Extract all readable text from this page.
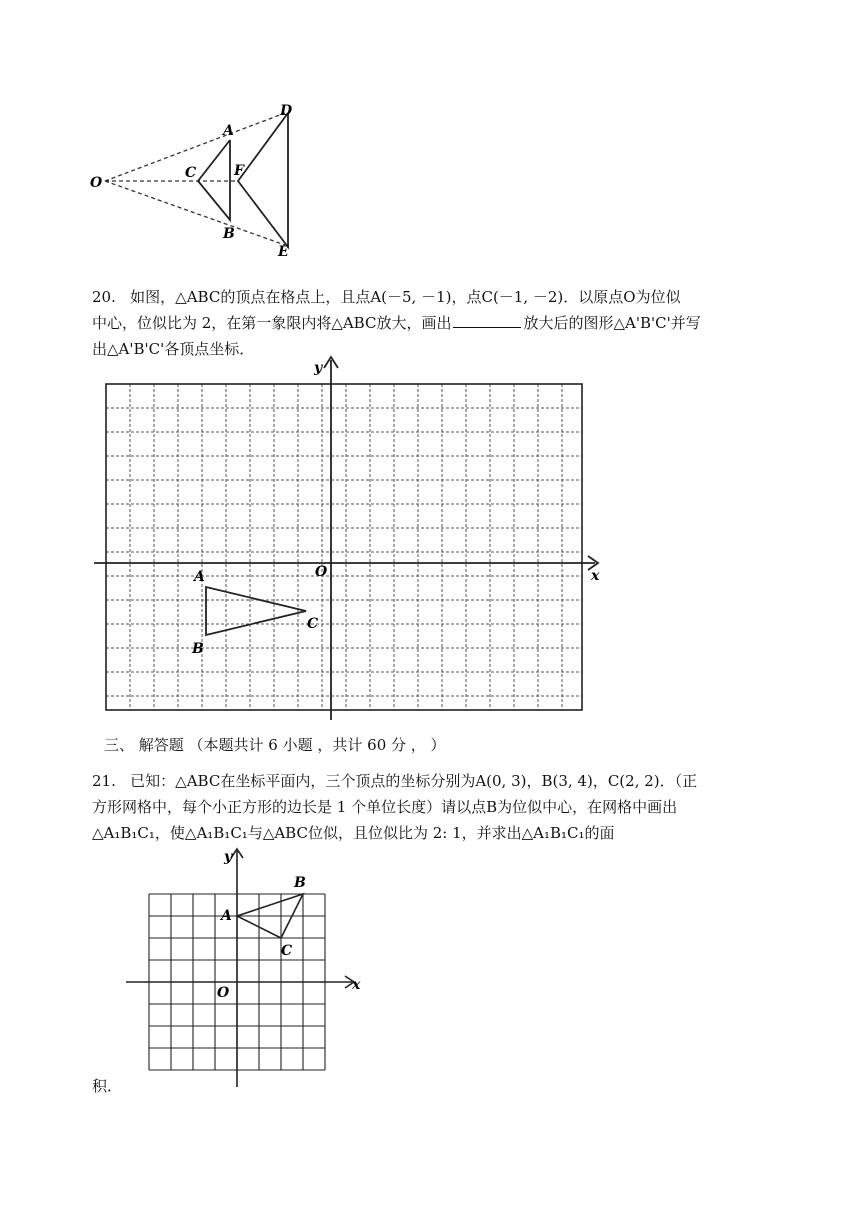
O
A
B
C	F
D
E
20. 如图，△ABC的顶点在格点上，且点A(－5, －1)，点C(－1, －2)．以原点O为位似
中心，位似比为 2，在第一象限内将△ABC放大，画出	放大后的图形△A'B'C'并写
出△A'B'C'各顶点坐标．
x
y
O
A
B
C
三、 解答题 （本题共计 6 小题 ，共计 60 分 ， ）
21. 已知：△ABC在坐标平面内，三个顶点的坐标分别为A(0, 3)，B(3, 4)，C(2, 2)．（正
方形网格中，每个小正方形的边长是 1 个单位长度）请以点B为位似中心，在网格中画出
△A₁B₁C₁，使△A₁B₁C₁与△ABC位似，且位似比为 2: 1，并求出△A₁B₁C₁的面
x
y
O
A
B
C
积．
